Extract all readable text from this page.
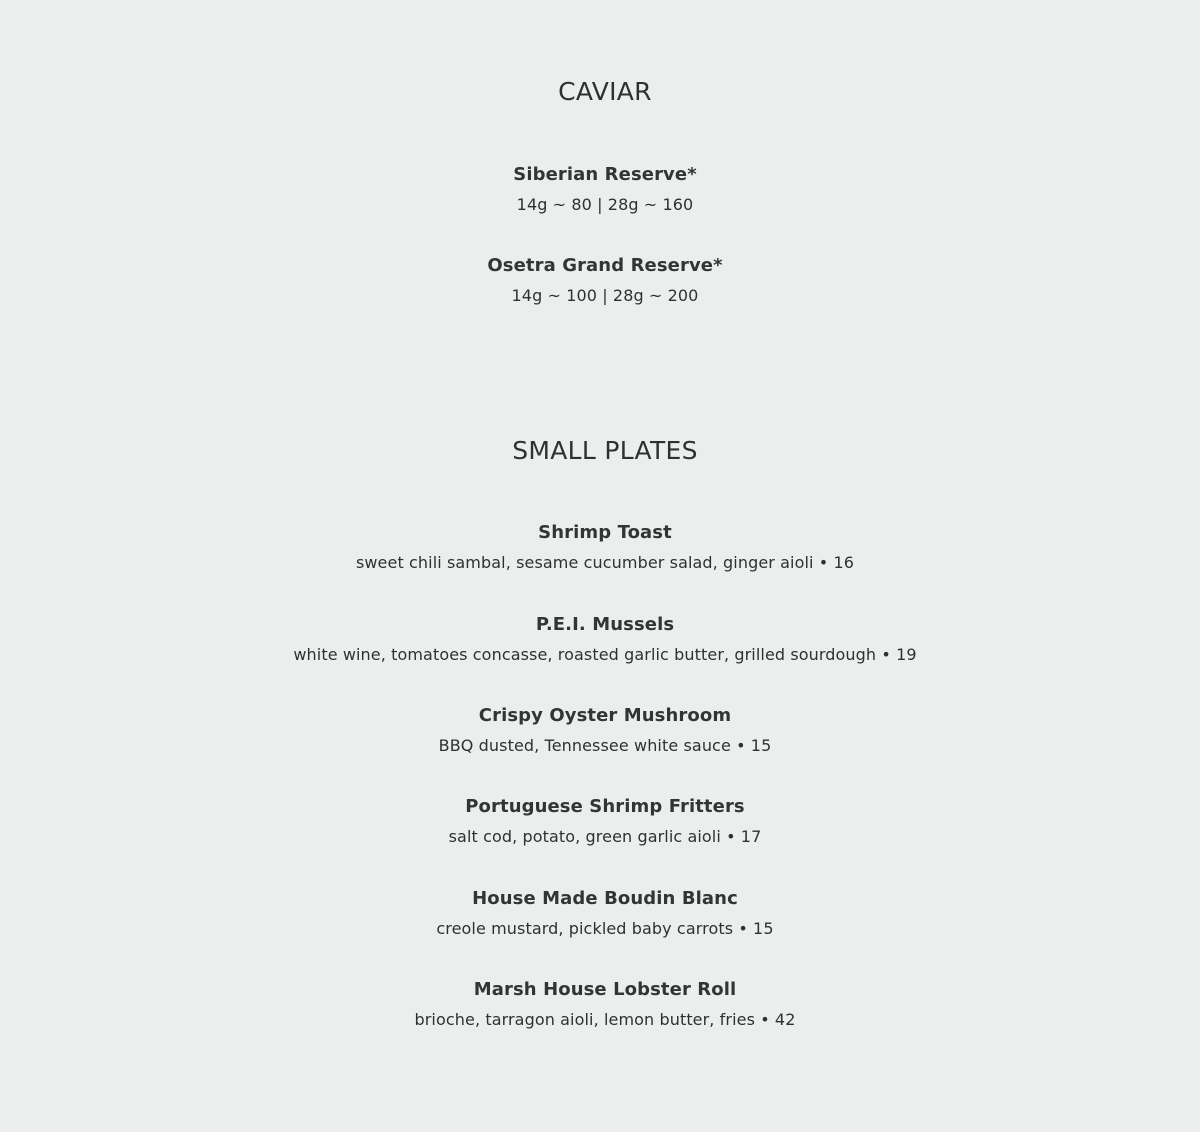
CAVIAR
Siberian Reserve*
14g ~ 80 | 28g ~ 160
Osetra Grand Reserve*
14g ~ 100 | 28g ~ 200
SMALL PLATES
Shrimp Toast
sweet chili sambal, sesame cucumber salad, ginger aioli • 16
P.E.I. Mussels
white wine, tomatoes concasse, roasted garlic butter, grilled sourdough • 19
Crispy Oyster Mushroom
BBQ dusted, Tennessee white sauce • 15
Portuguese Shrimp Fritters
salt cod, potato, green garlic aioli • 17
House Made Boudin Blanc
creole mustard, pickled baby carrots • 15
Marsh House Lobster Roll
brioche, tarragon aioli, lemon butter, fries • 42
